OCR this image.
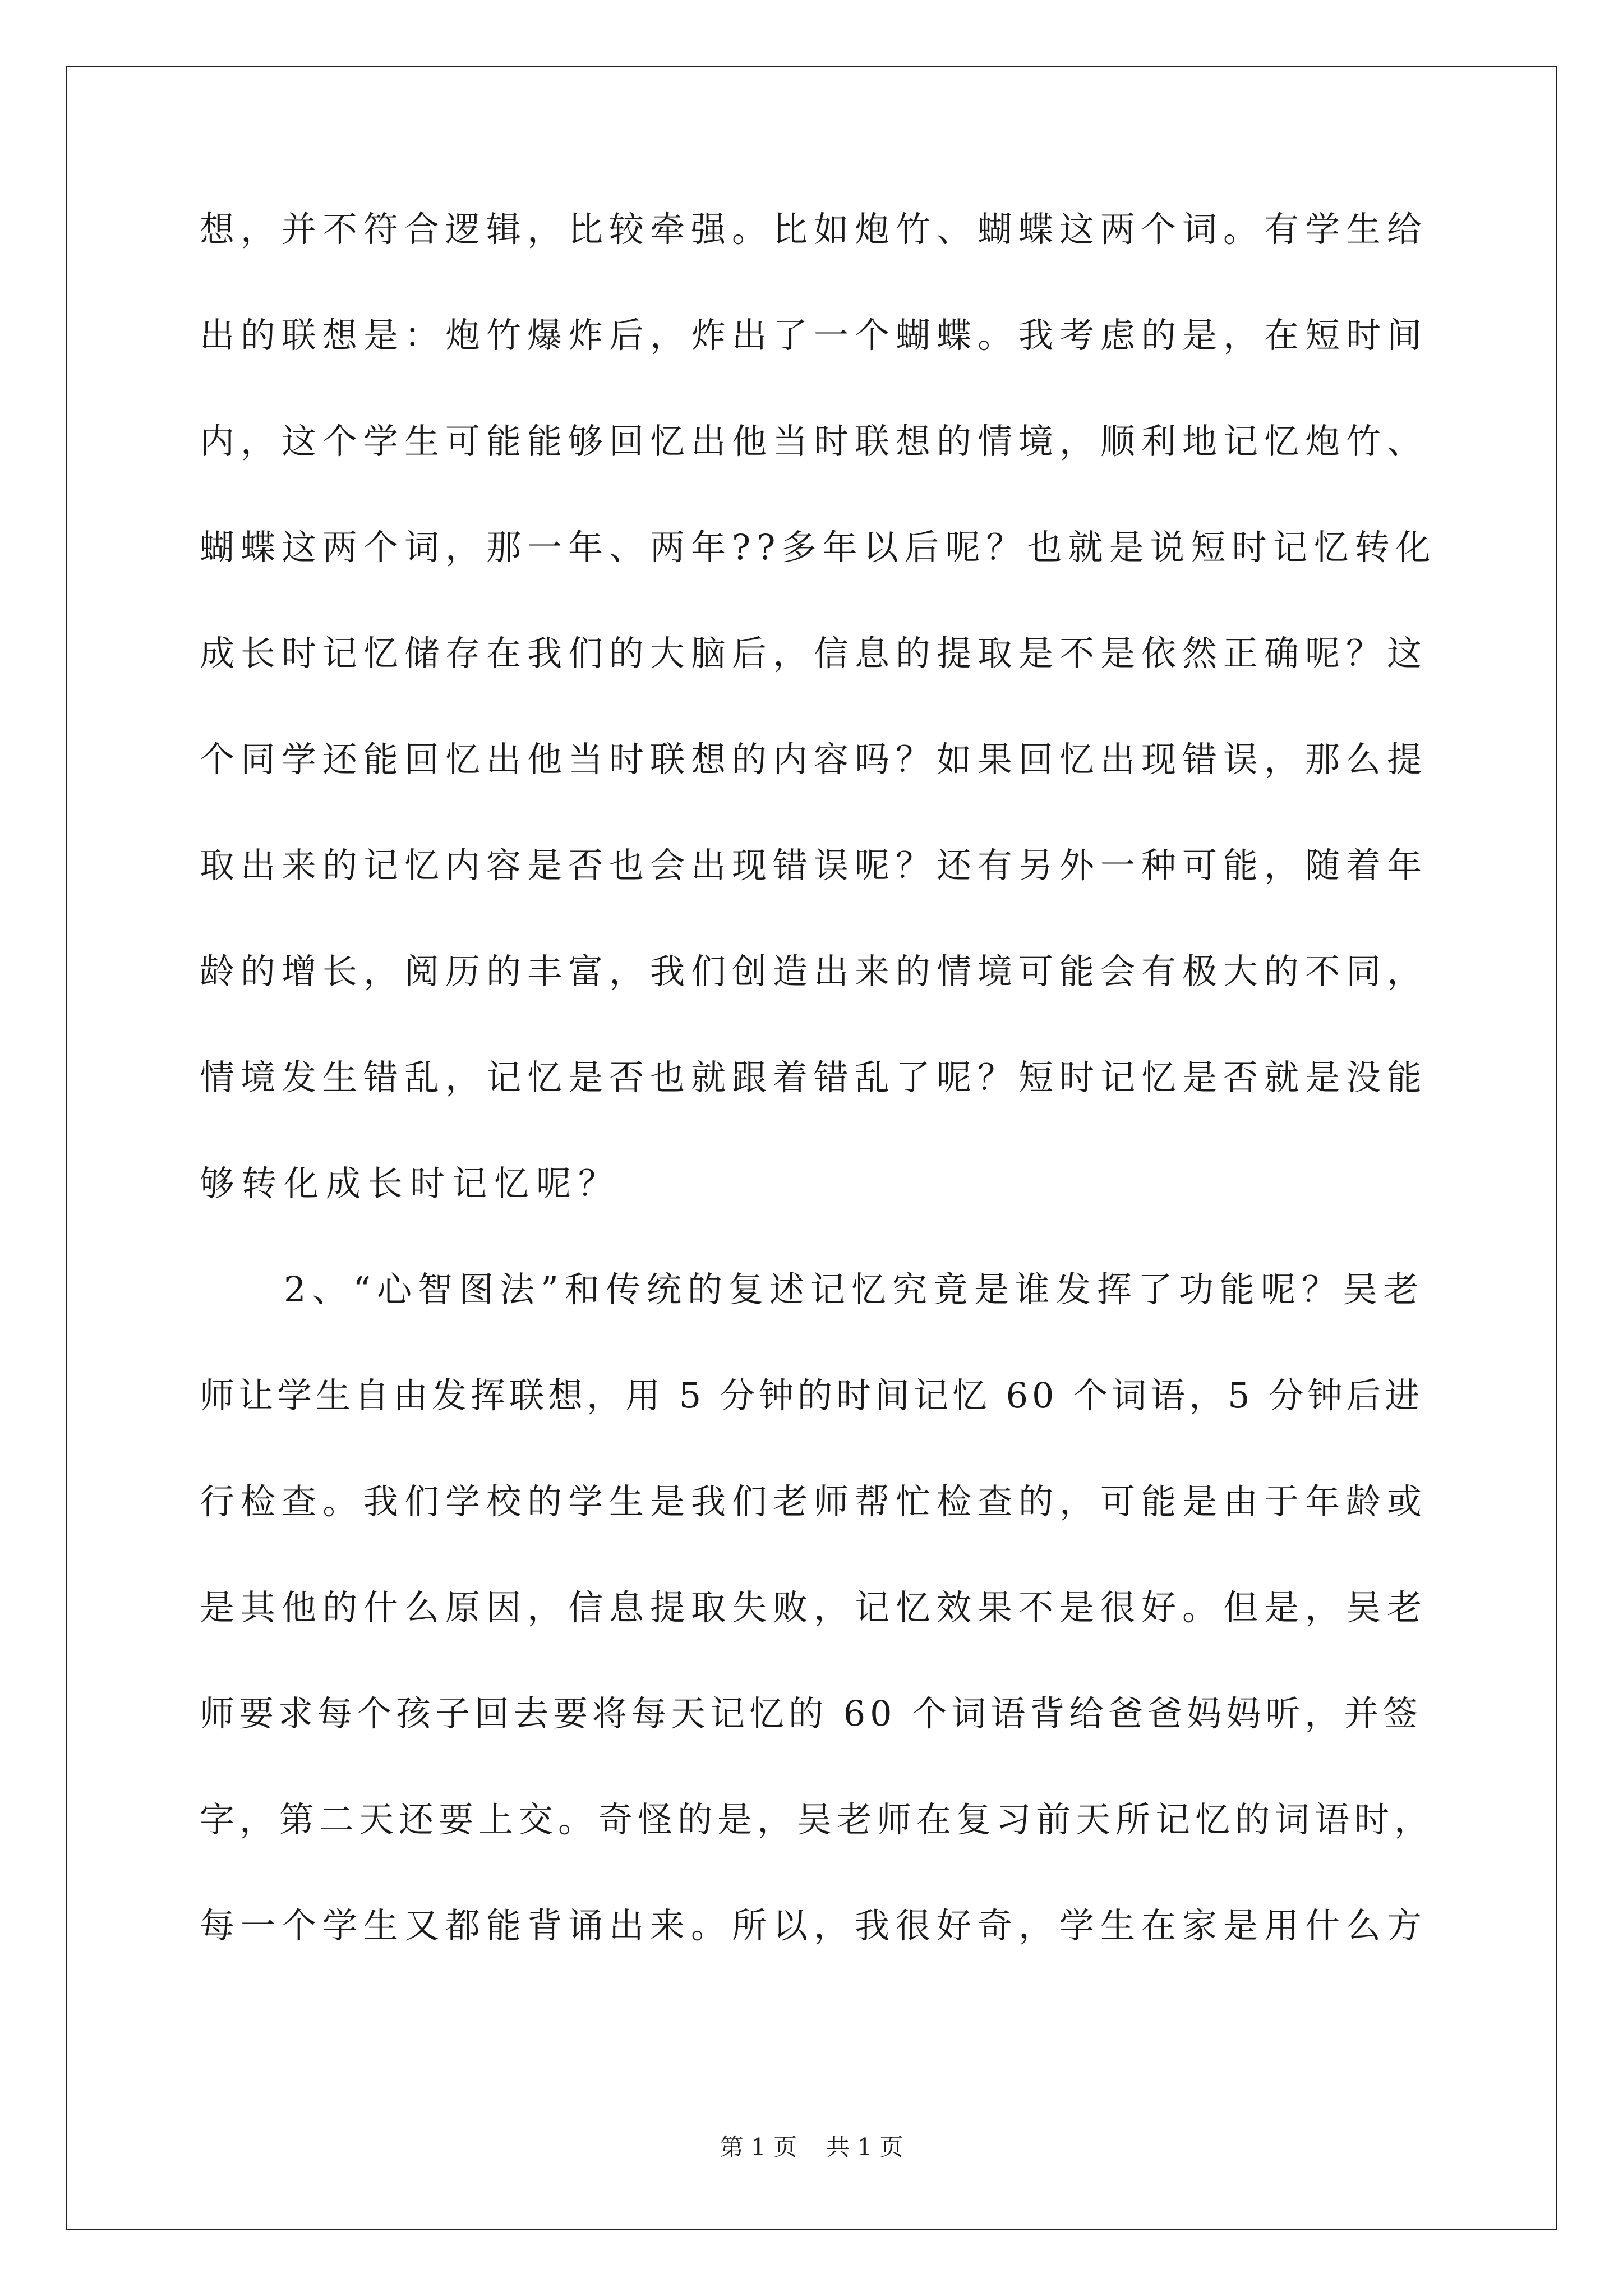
想，并不符合逻辑，比较牵强。比如炮竹、蝴蝶这两个词。有学生给
出的联想是：炮竹爆炸后，炸出了一个蝴蝶。我考虑的是，在短时间
内，这个学生可能能够回忆出他当时联想的情境，顺利地记忆炮竹、
蝴蝶这两个词，那一年、两年??多年以后呢？也就是说短时记忆转化
成长时记忆储存在我们的大脑后，信息的提取是不是依然正确呢？这
个同学还能回忆出他当时联想的内容吗？如果回忆出现错误，那么提
取出来的记忆内容是否也会出现错误呢？还有另外一种可能，随着年
龄的增长，阅历的丰富，我们创造出来的情境可能会有极大的不同，
情境发生错乱，记忆是否也就跟着错乱了呢？短时记忆是否就是没能
够转化成长时记忆呢？
2、“心智图法”和传统的复述记忆究竟是谁发挥了功能呢？吴老
师让学生自由发挥联想，用 5 分钟的时间记忆 60 个词语，5 分钟后进
行检查。我们学校的学生是我们老师帮忙检查的，可能是由于年龄或
是其他的什么原因，信息提取失败，记忆效果不是很好。但是，吴老
师要求每个孩子回去要将每天记忆的 60 个词语背给爸爸妈妈听，并签
字，第二天还要上交。奇怪的是，吴老师在复习前天所记忆的词语时，
每一个学生又都能背诵出来。所以，我很好奇，学生在家是用什么方
第 1 页 共 1 页
